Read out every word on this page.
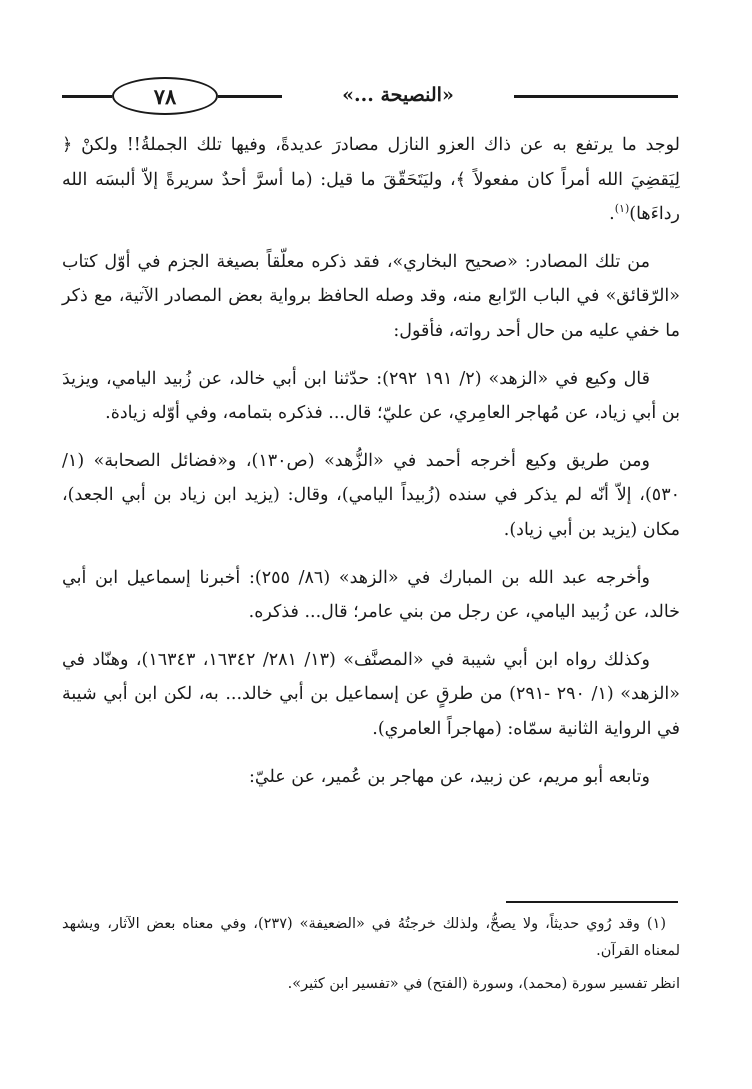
٧٨	«النصيحة ...»

لوجد ما يرتفع به عن ذاك العزو النازل مصادرَ عديدةً، وفيها تلك الجملةُ!! ولكنْ ﴿ لِيَقضِيَ الله أمراً كان مفعولاً ﴾، وليَتَحَقّقَ ما قيل: (ما أسرَّ أحدٌ سريرةً إلاّ ألبسَه الله رداءَها)$^{(١)}$.

من تلك المصادر: «صحيح البخاري»، فقد ذكره معلّقاً بصيغة الجزم في أوّل كتاب «الرّقائق» في الباب الرّابع منه، وقد وصله الحافظ برواية بعض المصادر الآتية، مع ذكر ما خفي عليه من حال أحد رواته، فأقول:

قال وكيع في «الزهد» (٢/ ١٩١ ٢٩٢): حدّثنا ابن أبي خالد، عن زُبيد اليامي، ويزيدَ بن أبي زياد، عن مُهاجر العامِري، عن عليّ؛ قال... فذكره بتمامه، وفي أوّله زيادة.

ومن طريق وكيع أخرجه أحمد في «الزُّهد» (ص١٣٠)، و«فضائل الصحابة» (١/ ٥٣٠)، إلاّ أنّه لم يذكر في سنده (زُبيداً اليامي)، وقال: (يزيد ابن زياد بن أبي الجعد)، مكان (يزيد بن أبي زياد).

وأخرجه عبد الله بن المبارك في «الزهد» (٨٦/ ٢٥٥): أخبرنا إسماعيل ابن أبي خالد، عن زُبيد اليامي، عن رجل من بني عامر؛ قال... فذكره.

وكذلك رواه ابن أبي شيبة في «المصنَّف» (١٣/ ٢٨١/ ١٦٣٤٢، ١٦٣٤٣)، وهنّاد في «الزهد» (١/ ٢٩٠ -٢٩١) من طرقٍ عن إسماعيل بن أبي خالد... به، لكن ابن أبي شيبة في الرواية الثانية سمّاه: (مهاجراً العامري).

وتابعه أبو مريم، عن زبيد، عن مهاجر بن عُمير، عن عليّ:

(١) وقد رُوي حديثاً، ولا يصحُّ، ولذلك خرجتُهُ في «الضعيفة» (٢٣٧)، وفي معناه بعض الآثار، ويشهد لمعناه القرآن.

انظر تفسير سورة (محمد)، وسورة (الفتح) في «تفسير ابن كثير».
